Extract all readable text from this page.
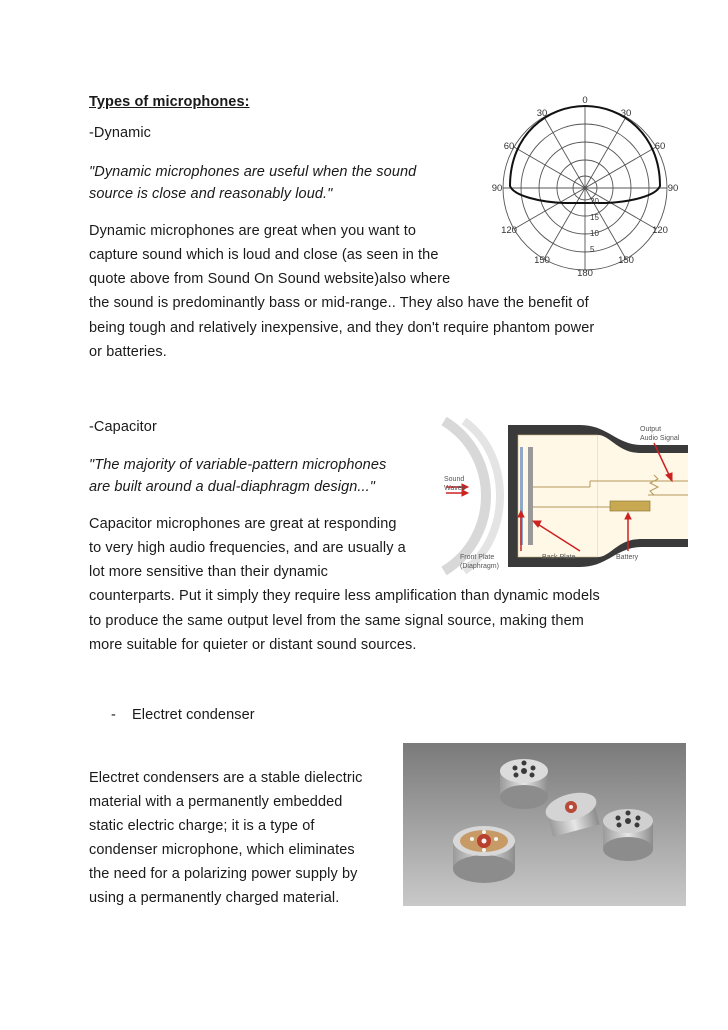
Types of microphones:
-Dynamic
"Dynamic microphones are useful when the sound
source is close and reasonably loud."
Dynamic microphones are great when you want to
capture sound which is loud and close (as seen in the
quote above from Sound On Sound website)also where
the sound is predominantly bass or mid-range.. They also have the benefit of
being tough and relatively inexpensive, and they don't require phantom power
or batteries.
-Capacitor
"The majority of variable-pattern microphones
are built around a dual-diaphragm design..."
Capacitor microphones are great at responding
to very high audio frequencies, and are usually a
lot more sensitive than their dynamic
counterparts. Put it simply they require less amplification than dynamic models
to produce the same output level from the same signal source, making them
more suitable for quieter or distant sound sources.
- Electret condenser
Electret condensers are a stable dielectric
material with a permanently embedded
static electric charge; it is a type of
condenser microphone, which eliminates
the need for a polarizing power supply by
using a permanently charged material.
0
30	30
60	60
90	90
120	120
150	150
180
20
15
10
5
Sound
Waves
Output
Audio Signal
Front Plate
(Diaphragm)
Back Plate	Battery
